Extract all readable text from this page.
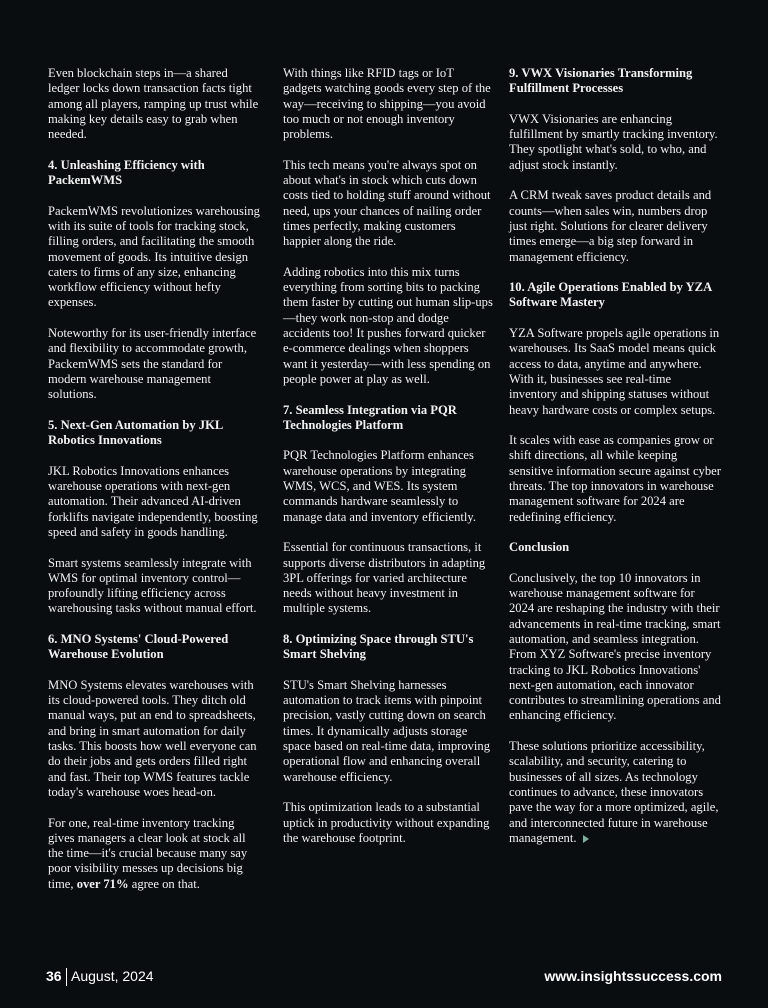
Even blockchain steps in—a shared ledger locks down transaction facts tight among all players, ramping up trust while making key details easy to grab when needed.

4. Unleashing Efficiency with PackemWMS

PackemWMS revolutionizes warehousing with its suite of tools for tracking stock, filling orders, and facilitating the smooth movement of goods. Its intuitive design caters to firms of any size, enhancing workflow efficiency without hefty expenses.

Noteworthy for its user-friendly interface and flexibility to accommodate growth, PackemWMS sets the standard for modern warehouse management solutions.

5. Next-Gen Automation by JKL Robotics Innovations

JKL Robotics Innovations enhances warehouse operations with next-gen automation. Their advanced AI-driven forklifts navigate independently, boosting speed and safety in goods handling.

Smart systems seamlessly integrate with WMS for optimal inventory control—profoundly lifting efficiency across warehousing tasks without manual effort.

6. MNO Systems' Cloud-Powered Warehouse Evolution

MNO Systems elevates warehouses with its cloud-powered tools. They ditch old manual ways, put an end to spreadsheets, and bring in smart automation for daily tasks. This boosts how well everyone can do their jobs and gets orders filled right and fast. Their top WMS features tackle today's warehouse woes head-on.

For one, real-time inventory tracking gives managers a clear look at stock all the time—it's crucial because many say poor visibility messes up decisions big time, over 71% agree on that.

With things like RFID tags or IoT gadgets watching goods every step of the way—receiving to shipping—you avoid too much or not enough inventory problems.

This tech means you're always spot on about what's in stock which cuts down costs tied to holding stuff around without need, ups your chances of nailing order times perfectly, making customers happier along the ride.

Adding robotics into this mix turns everything from sorting bits to packing them faster by cutting out human slip-ups—they work non-stop and dodge accidents too! It pushes forward quicker e-commerce dealings when shoppers want it yesterday—with less spending on people power at play as well.

7. Seamless Integration via PQR Technologies Platform

PQR Technologies Platform enhances warehouse operations by integrating WMS, WCS, and WES. Its system commands hardware seamlessly to manage data and inventory efficiently.

Essential for continuous transactions, it supports diverse distributors in adapting 3PL offerings for varied architecture needs without heavy investment in multiple systems.

8. Optimizing Space through STU's Smart Shelving

STU's Smart Shelving harnesses automation to track items with pinpoint precision, vastly cutting down on search times. It dynamically adjusts storage space based on real-time data, improving operational flow and enhancing overall warehouse efficiency.

This optimization leads to a substantial uptick in productivity without expanding the warehouse footprint.

9. VWX Visionaries Transforming Fulfillment Processes

VWX Visionaries are enhancing fulfillment by smartly tracking inventory. They spotlight what's sold, to who, and adjust stock instantly.

A CRM tweak saves product details and counts—when sales win, numbers drop just right. Solutions for clearer delivery times emerge—a big step forward in management efficiency.

10. Agile Operations Enabled by YZA Software Mastery

YZA Software propels agile operations in warehouses. Its SaaS model means quick access to data, anytime and anywhere. With it, businesses see real-time inventory and shipping statuses without heavy hardware costs or complex setups.

It scales with ease as companies grow or shift directions, all while keeping sensitive information secure against cyber threats. The top innovators in warehouse management software for 2024 are redefining efficiency.

Conclusion

Conclusively, the top 10 innovators in warehouse management software for 2024 are reshaping the industry with their advancements in real-time tracking, smart automation, and seamless integration. From XYZ Software's precise inventory tracking to JKL Robotics Innovations' next-gen automation, each innovator contributes to streamlining operations and enhancing efficiency.

These solutions prioritize accessibility, scalability, and security, catering to businesses of all sizes. As technology continues to advance, these innovators pave the way for a more optimized, agile, and interconnected future in warehouse management.

36 August, 2024	www.insightssuccess.com
